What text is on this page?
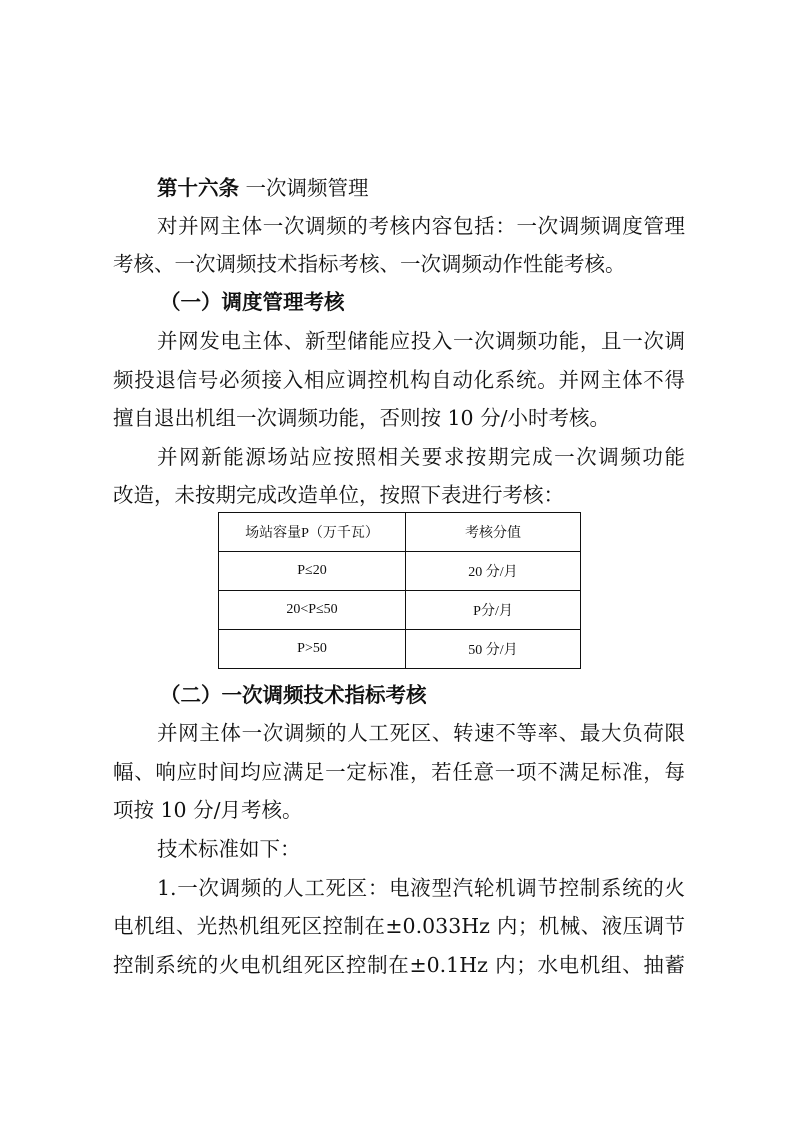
第十六条 一次调频管理
对并网主体一次调频的考核内容包括：一次调频调度管理
考核、一次调频技术指标考核、一次调频动作性能考核。
（一）调度管理考核
并网发电主体、新型储能应投入一次调频功能，且一次调
频投退信号必须接入相应调控机构自动化系统。并网主体不得
擅自退出机组一次调频功能，否则按 10 分/小时考核。
并网新能源场站应按照相关要求按期完成一次调频功能
改造，未按期完成改造单位，按照下表进行考核：
场站容量P（万千瓦）	考核分值
P≤20	20 分/月
20<P≤50	P分/月
P>50	50 分/月
（二）一次调频技术指标考核
并网主体一次调频的人工死区、转速不等率、最大负荷限
幅、响应时间均应满足一定标准，若任意一项不满足标准，每
项按 10 分/月考核。
技术标准如下：
1.一次调频的人工死区：电液型汽轮机调节控制系统的火
电机组、光热机组死区控制在±0.033Hz 内；机械、液压调节
控制系统的火电机组死区控制在±0.1Hz 内；水电机组、抽蓄
